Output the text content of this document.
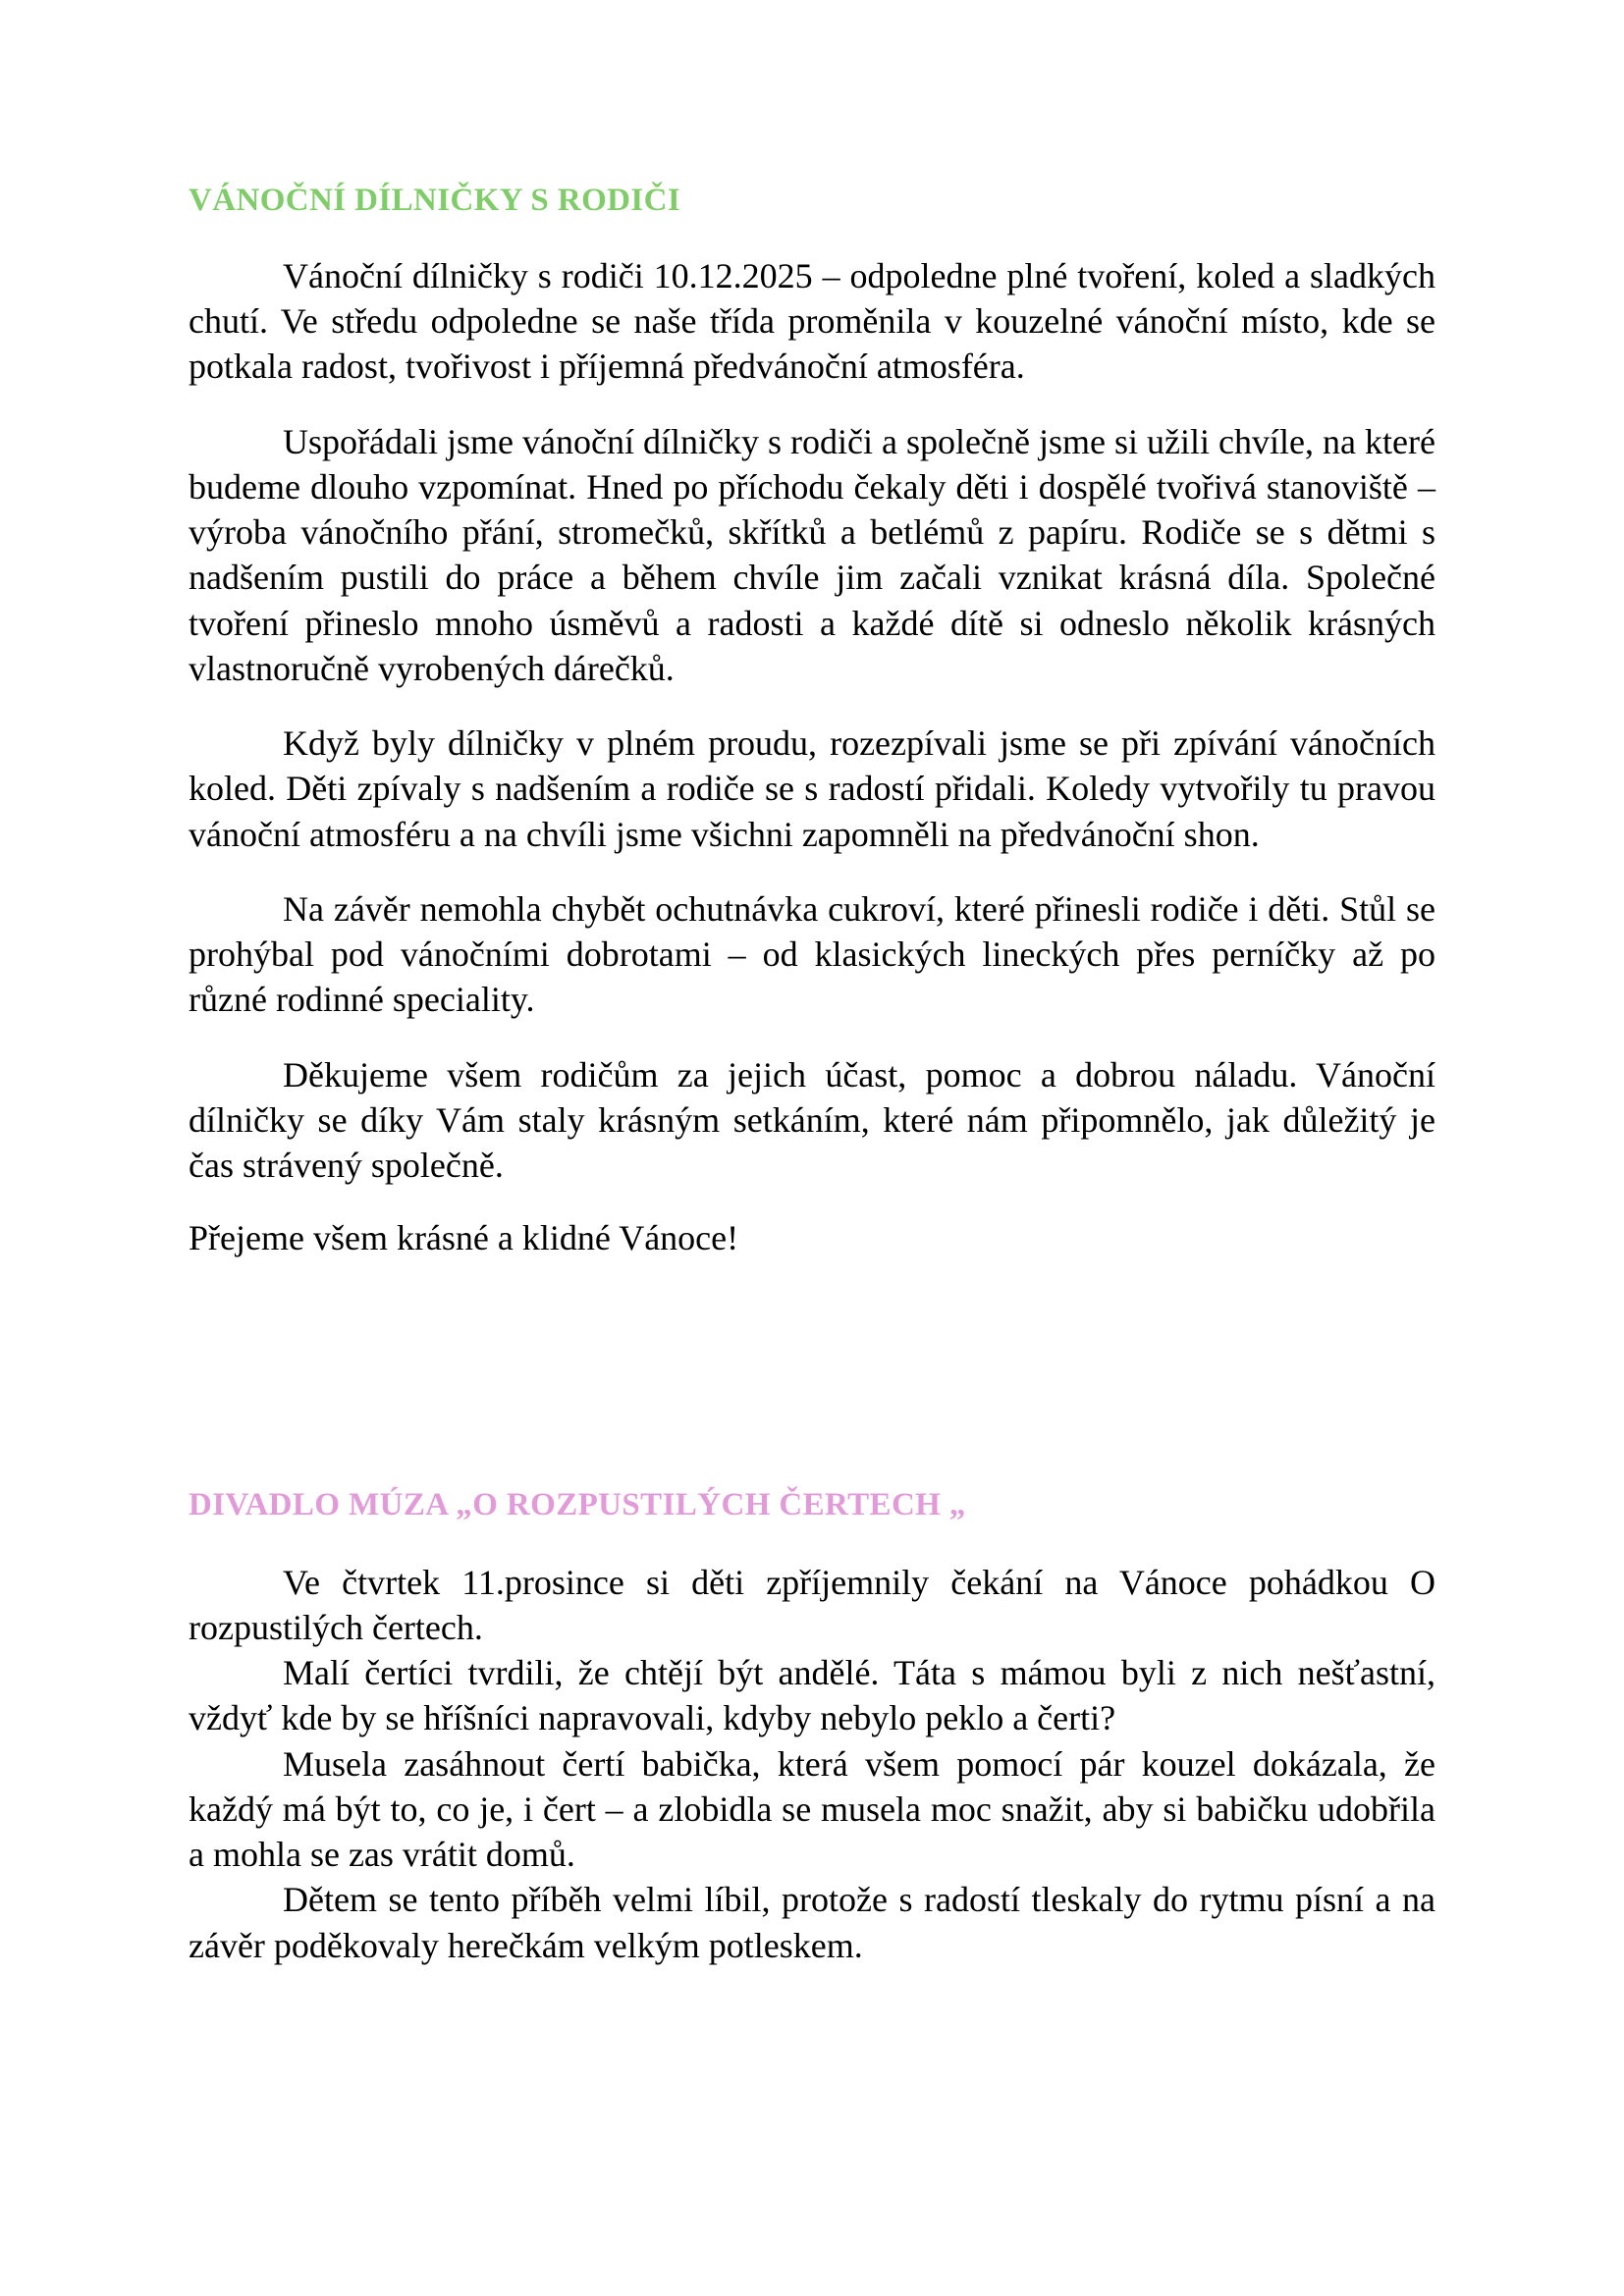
VÁNOČNÍ DÍLNIČKY S RODIČI

Vánoční dílničky s rodiči 10.12.2025 – odpoledne plné tvoření, koled a sladkých chutí. Ve středu odpoledne se naše třída proměnila v kouzelné vánoční místo, kde se potkala radost, tvořivost i příjemná předvánoční atmosféra.

Uspořádali jsme vánoční dílničky s rodiči a společně jsme si užili chvíle, na které budeme dlouho vzpomínat. Hned po příchodu čekaly děti i dospělé tvořivá stanoviště – výroba vánočního přání, stromečků, skřítků a betlémů z papíru. Rodiče se s dětmi s nadšením pustili do práce a během chvíle jim začali vznikat krásná díla. Společné tvoření přineslo mnoho úsměvů a radosti a každé dítě si odneslo několik krásných vlastnoručně vyrobených dárečků.

Když byly dílničky v plném proudu, rozezpívali jsme se při zpívání vánočních koled. Děti zpívaly s nadšením a rodiče se s radostí přidali. Koledy vytvořily tu pravou vánoční atmosféru a na chvíli jsme všichni zapomněli na předvánoční shon.

Na závěr nemohla chybět ochutnávka cukroví, které přinesli rodiče i děti. Stůl se prohýbal pod vánočními dobrotami – od klasických lineckých přes perníčky až po různé rodinné speciality.

Děkujeme všem rodičům za jejich účast, pomoc a dobrou náladu. Vánoční dílničky se díky Vám staly krásným setkáním, které nám připomnělo, jak důležitý je čas strávený společně.

Přejeme všem krásné a klidné Vánoce!

DIVADLO MÚZA „O ROZPUSTILÝCH ČERTECH „

Ve čtvrtek 11.prosince si děti zpříjemnily čekání na Vánoce pohádkou O rozpustilých čertech.

Malí čertíci tvrdili, že chtějí být andělé. Táta s mámou byli z nich nešťastní, vždyť kde by se hříšníci napravovali, kdyby nebylo peklo a čerti?

Musela zasáhnout čertí babička, která všem pomocí pár kouzel dokázala, že každý má být to, co je, i čert – a zlobidla se musela moc snažit, aby si babičku udobřila a mohla se zas vrátit domů.

Dětem se tento příběh velmi líbil, protože s radostí tleskaly do rytmu písní a na závěr poděkovaly herečkám velkým potleskem.
